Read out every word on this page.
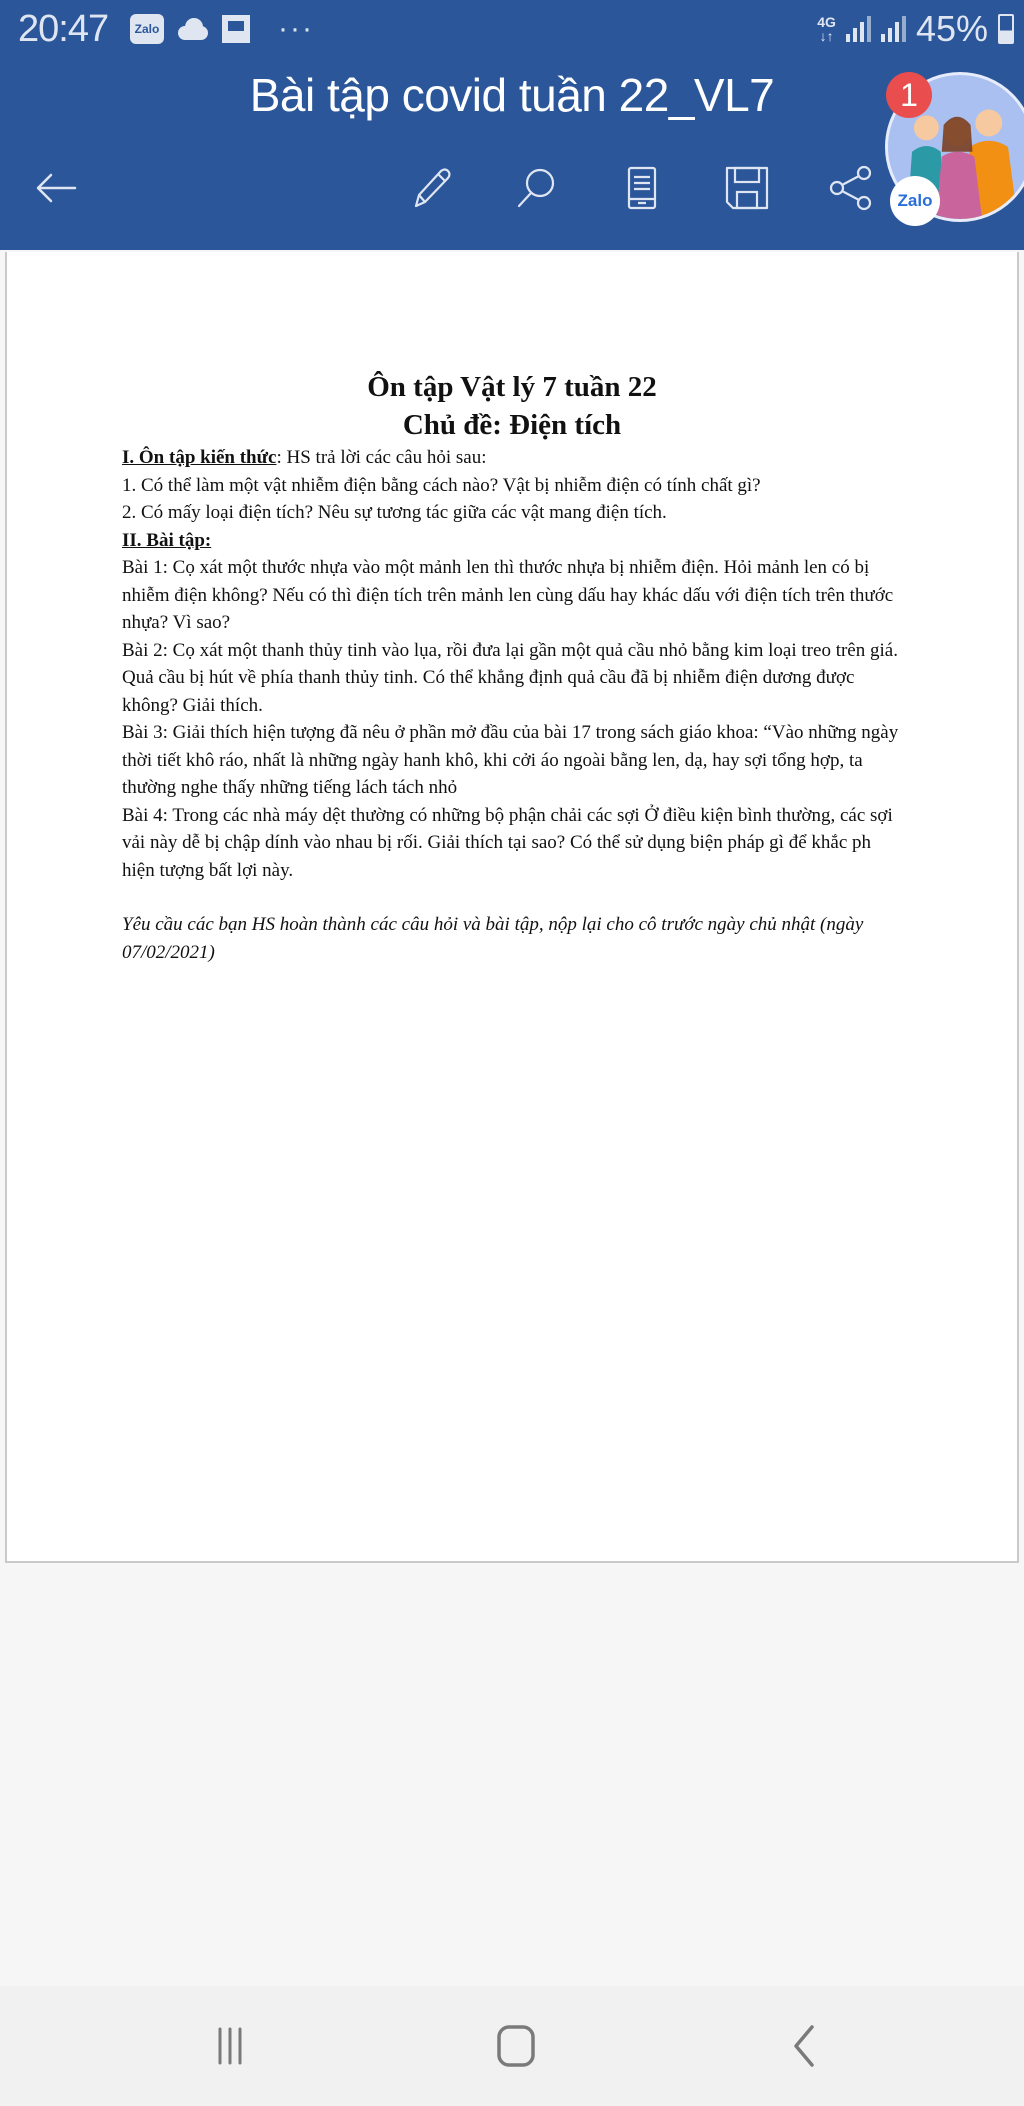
20:47	Zalo	···	4G
↓↑ 45%
Bài tập covid tuần 22_VL7	1
Zalo
Ôn tập Vật lý 7 tuần 22
Chủ đề: Điện tích

I. Ôn tập kiến thức: HS trả lời các câu hỏi sau:

1. Có thể làm một vật nhiễm điện bằng cách nào? Vật bị nhiễm điện có tính chất gì?

2. Có mấy loại điện tích? Nêu sự tương tác giữa các vật mang điện tích.

II. Bài tập:

Bài 1: Cọ xát một thước nhựa vào một mảnh len thì thước nhựa bị nhiễm điện. Hỏi mảnh len có bị nhiễm điện không? Nếu có thì điện tích trên mảnh len cùng dấu hay khác dấu với điện tích trên thước nhựa? Vì sao?

Bài 2: Cọ xát một thanh thủy tinh vào lụa, rồi đưa lại gần một quả cầu nhỏ bằng kim loại treo trên giá. Quả cầu bị hút về phía thanh thủy tinh. Có thể khẳng định quả cầu đã bị nhiễm điện dương được không? Giải thích.

Bài 3: Giải thích hiện tượng đã nêu ở phần mở đầu của bài 17 trong sách giáo khoa: “Vào những ngày thời tiết khô ráo, nhất là những ngày hanh khô, khi cởi áo ngoài bằng len, dạ, hay sợi tổng hợp, ta thường nghe thấy những tiếng lách tách nhỏ

Bài 4: Trong các nhà máy dệt thường có những bộ phận chải các sợi Ở điều kiện bình thường, các sợi vải này dễ bị chập dính vào nhau bị rối. Giải thích tại sao? Có thể sử dụng biện pháp gì để khắc ph hiện tượng bất lợi này.

Yêu cầu các bạn HS hoàn thành các câu hỏi và bài tập, nộp lại cho cô trước ngày chủ nhật (ngày 07/02/2021)
